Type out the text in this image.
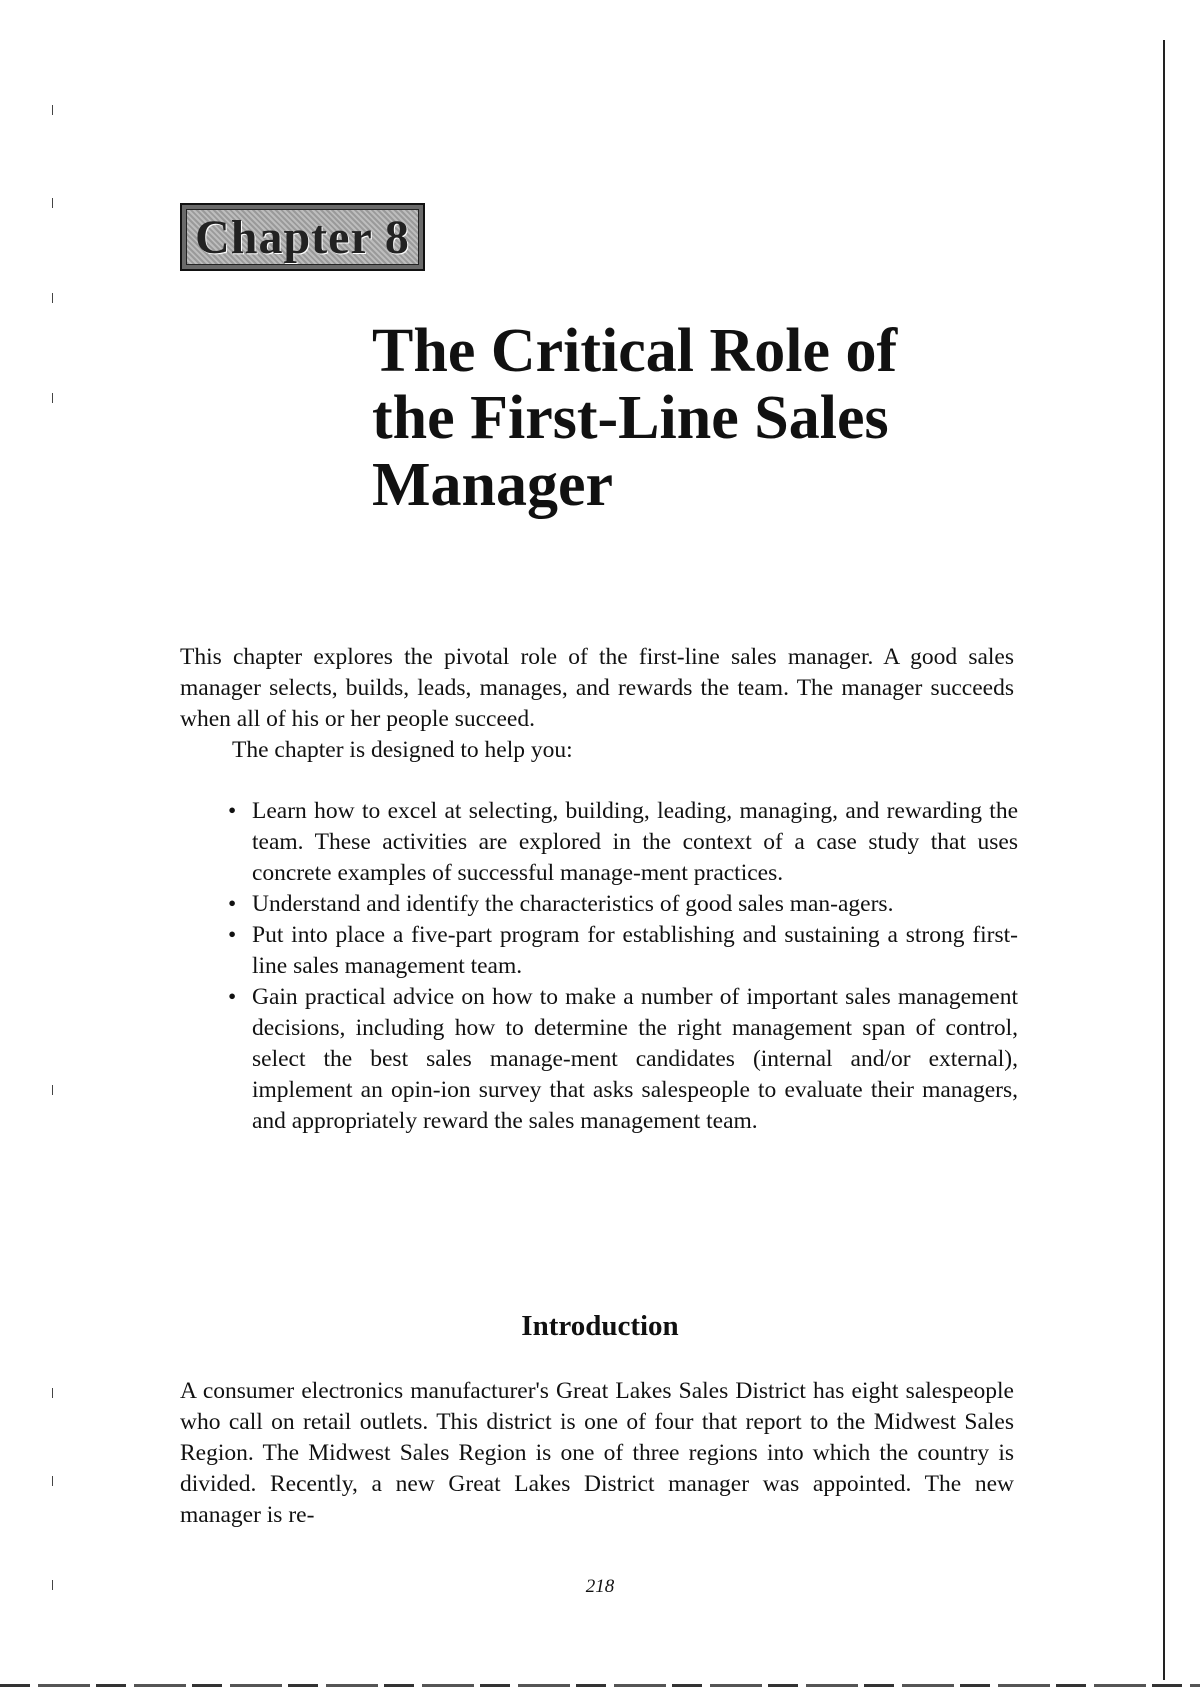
Chapter 8
The Critical Role of
the First-Line Sales
Manager

This chapter explores the pivotal role of the first-line sales manager. A good sales manager selects, builds, leads, manages, and rewards the team. The manager succeeds when all of his or her people succeed.

The chapter is designed to help you:

• Learn how to excel at selecting, building, leading, managing, and rewarding the team. These activities are explored in the context of a case study that uses concrete examples of successful manage-ment practices.
• Understand and identify the characteristics of good sales man-agers.
• Put into place a five-part program for establishing and sustaining a strong first-line sales management team.
• Gain practical advice on how to make a number of important sales management decisions, including how to determine the right management span of control, select the best sales manage-ment candidates (internal and/or external), implement an opin-ion survey that asks salespeople to evaluate their managers, and appropriately reward the sales management team.
Introduction

A consumer electronics manufacturer's Great Lakes Sales District has eight salespeople who call on retail outlets. This district is one of four that report to the Midwest Sales Region. The Midwest Sales Region is one of three regions into which the country is divided. Recently, a new Great Lakes District manager was appointed. The new manager is re-

218
